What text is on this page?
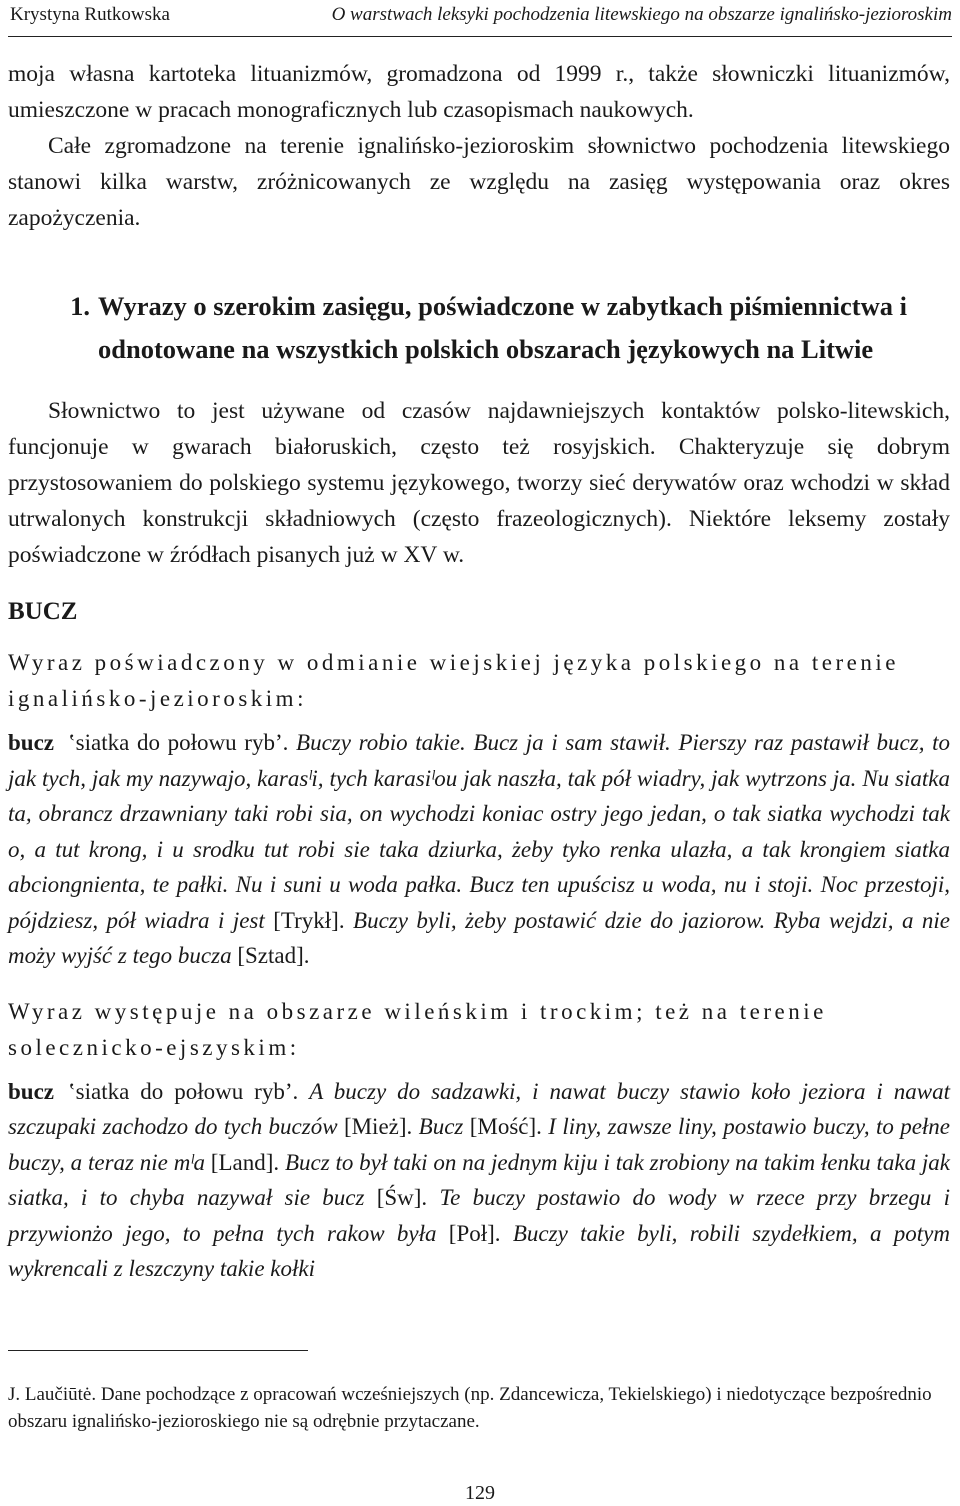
Krystyna Rutkowska	O warstwach leksyki pochodzenia litewskiego na obszarze ignalińsko-jezioroskim

moja własna kartoteka lituanizmów, gromadzona od 1999 r., także słowniczki lituanizmów, umieszczone w pracach monograficznych lub czasopismach naukowych.

Całe zgromadzone na terenie ignalińsko-jezioroskim słownictwo pochodzenia litewskiego stanowi kilka warstw, zróżnicowanych ze względu na zasięg występowania oraz okres zapożyczenia.

1. Wyrazy o szerokim zasięgu, poświadczone w zabytkach piśmiennictwa i odnotowane na wszystkich polskich obszarach językowych na Litwie

Słownictwo to jest używane od czasów najdawniejszych kontaktów polsko-litewskich, funcjonuje w gwarach białoruskich, często też rosyjskich. Chakteryzuje się dobrym przystosowaniem do polskiego systemu językowego, tworzy sieć derywatów oraz wchodzi w skład utrwalonych konstrukcji składniowych (często frazeologicznych). Niektóre leksemy zostały poświadczone w źródłach pisanych już w XV w.

BUCZ

Wyraz poświadczony w odmianie wiejskiej języka polskiego na terenie ignalińsko-jezioroskim:

bucz ʽsiatka do połowu rybʼ. Buczy robio takie. Bucz ja i sam stawił. Pierszy raz pastawił bucz, to jak tych, jak my nazywajo, karasˡi, tych karasiˡou jak naszła, tak pół wiadry, jak wytrzons ja. Nu siatka ta, obrancz drzawniany taki robi sia, on wychodzi koniac ostry jego jedan, o tak siatka wychodzi tak o, a tut krong, i u srodku tut robi sie taka dziurka, żeby tyko renka ulazła, a tak krongiem siatka abciongnienta, te pałki. Nu i suni u woda pałka. Bucz ten upuścisz u woda, nu i stoji. Noc przestoji, pójdziesz, pół wiadra i jest [Trykł]. Buczy byli, żeby postawić dzie do jaziorow. Ryba wejdzi, a nie moży wyjść z tego bucza [Sztad].

Wyraz występuje na obszarze wileńskim i trockim; też na terenie solecznicko-ejszyskim:

bucz ʽsiatka do połowu rybʼ. A buczy do sadzawki, i nawat buczy stawio koło jeziora i nawat szczupaki zachodzo do tych buczów [Mież]. Bucz [Mość]. I liny, zawsze liny, postawio buczy, to pełne buczy, a teraz nie mˡa [Land]. Bucz to był taki on na jednym kiju i tak zrobiony na takim łenku taka jak siatka, i to chyba nazywał sie bucz [Św]. Te buczy postawio do wody w rzece przy brzegu i przywionżo jego, to pełna tych rakow była [Poł]. Buczy takie byli, robili szydełkiem, a potym wykrencali z leszczyny takie kołki

J. Laučiūtė. Dane pochodzące z opracowań wcześniejszych (np. Zdancewicza, Tekielskiego) i niedotyczące bezpośrednio obszaru ignalińsko-jezioroskiego nie są odrębnie przytaczane.
129
